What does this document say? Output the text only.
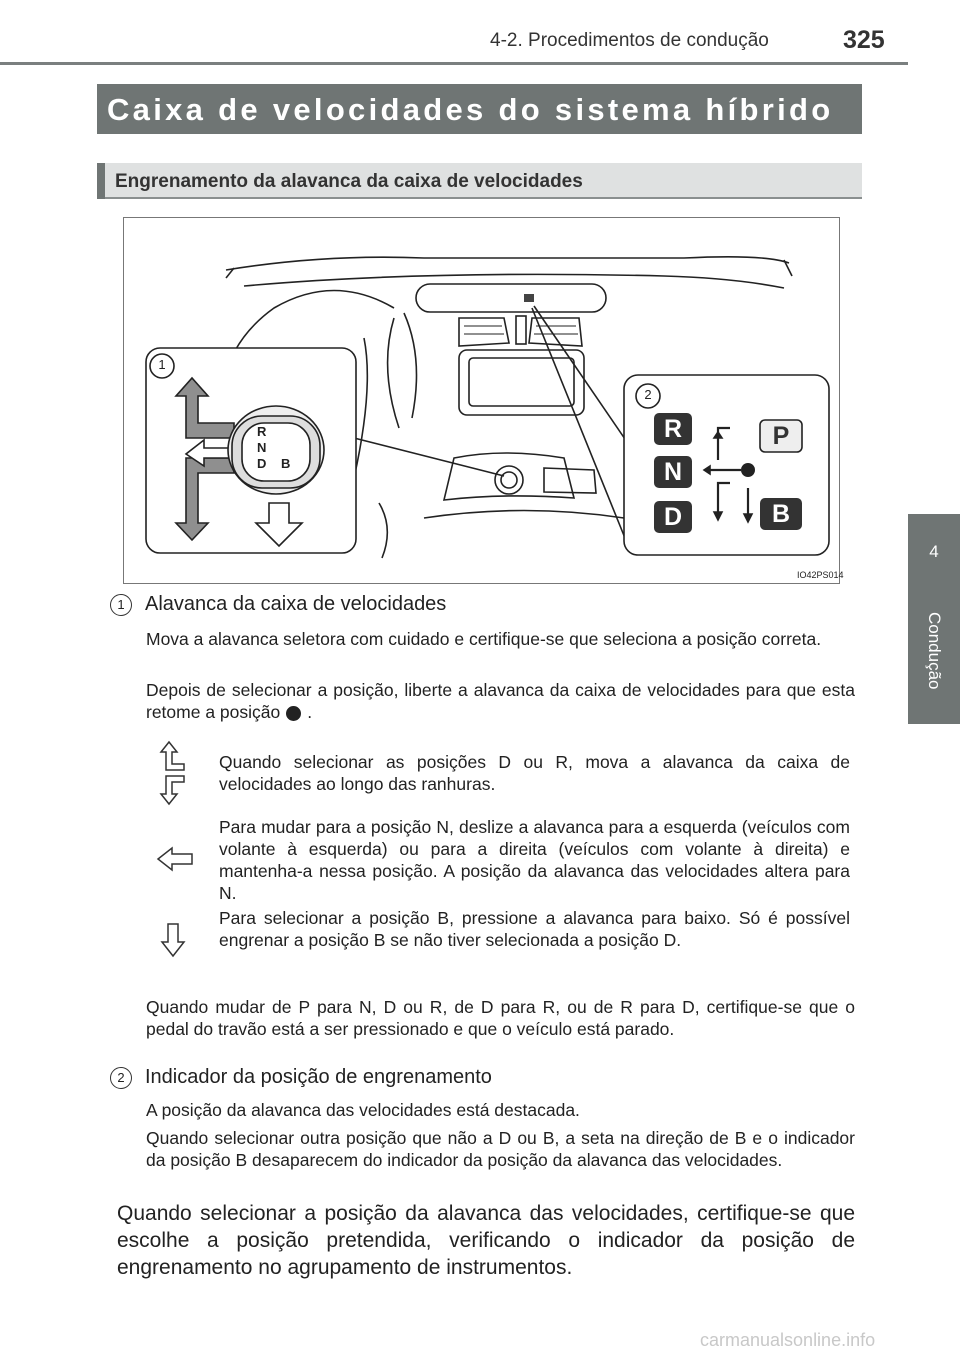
4-2. Procedimentos de condução	325
4
Condução
Caixa de velocidades do sistema híbrido
Engrenamento da alavanca da caixa de velocidades
1
2
R
N
D B
R
N
D
P
B
IO42PS014
1	Alavanca da caixa de velocidades
Mova a alavanca seletora com cuidado e certifique-se que seleciona a posição correta.
Depois de selecionar a posição, liberte a alavanca da caixa de velocidades para que esta retome a posição .
Quando selecionar as posições D ou R, mova a alavanca da caixa de velocidades ao longo das ranhuras.
Para mudar para a posição N, deslize a alavanca para a esquerda (veículos com volante à esquerda) ou para a direita (veículos com volante à direita) e mantenha-a nessa posição. A posição da alavanca das velocidades altera para N.
Para selecionar a posição B, pressione a alavanca para baixo. Só é possível engrenar a posição B se não tiver selecionada a posição D.
Quando mudar de P para N, D ou R, de D para R, ou de R para D, certifique-se que o pedal do travão está a ser pressionado e que o veículo está parado.
2	Indicador da posição de engrenamento
A posição da alavanca das velocidades está destacada.
Quando selecionar outra posição que não a D ou B, a seta na direção de B e o indicador da posição B desaparecem do indicador da posição da alavanca das velocidades.
Quando selecionar a posição da alavanca das velocidades, certifique-se que escolhe a posição pretendida, verificando o indicador da posição de engrenamento no agrupamento de instrumentos.
carmanualsonline.info
